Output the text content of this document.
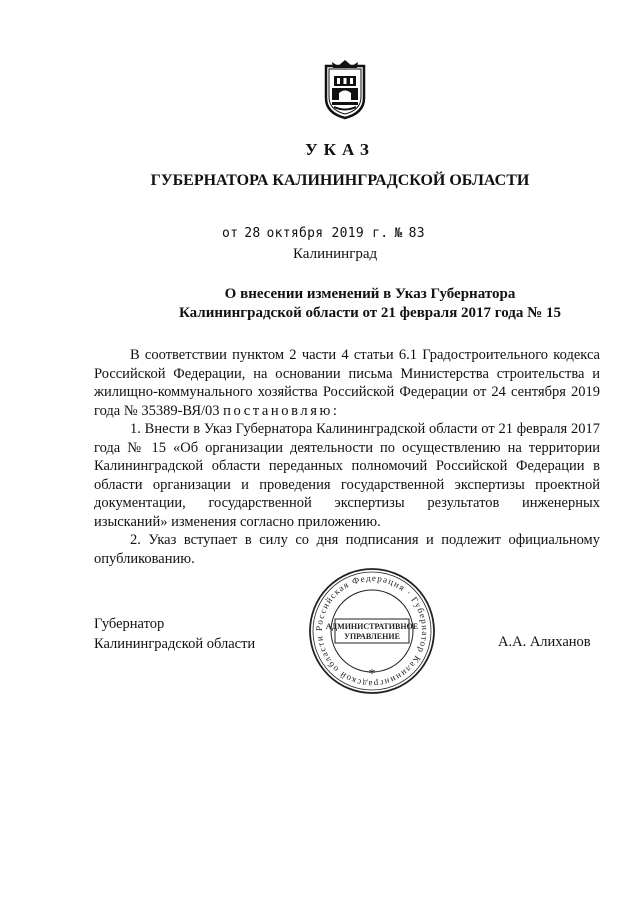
УКАЗ
ГУБЕРНАТОРА КАЛИНИНГРАДСКОЙ ОБЛАСТИ
от 28 октября 2019 г. № 83
Калининград
О внесении изменений в Указ Губернатора
Калининградской области от 21 февраля 2017 года № 15

В соответствии пунктом 2 части 4 статьи 6.1 Градостроительного кодекса Российской Федерации, на основании письма Министерства строительства и жилищно-коммунального хозяйства Российской Федерации от 24 сентября 2019 года № 35389-ВЯ/03 постановляю:

1. Внести в Указ Губернатора Калининградской области от 21 февраля 2017 года № 15 «Об организации деятельности по осуществлению на территории Калининградской области переданных полномочий Российской Федерации в области организации и проведения государственной экспертизы проектной документации, государственной экспертизы результатов инженерных изысканий» изменения согласно приложению.

2. Указ вступает в силу со дня подписания и подлежит официальному опубликованию.

Губернатор
Калининградской области	А.А. Алиханов
Российская Федерация · Губернатор Калининградской области
АДМИНИСТРАТИВНОЕ
УПРАВЛЕНИЕ
*
